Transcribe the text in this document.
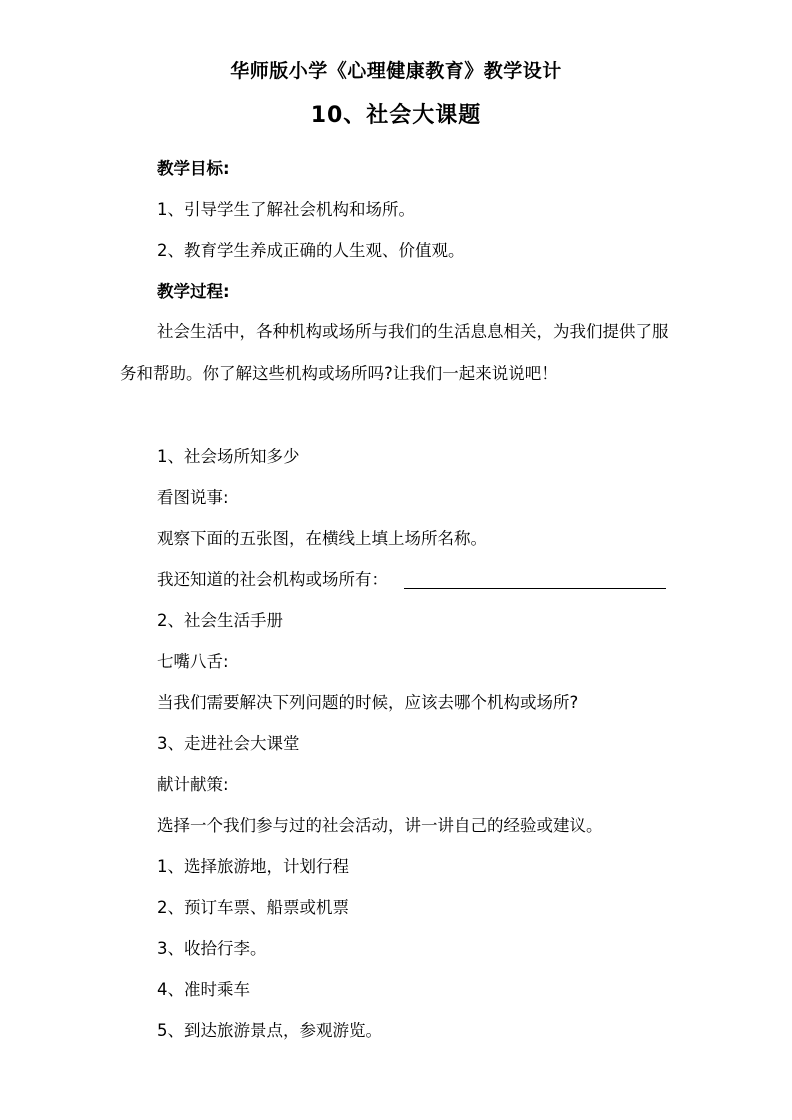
华师版小学《心理健康教育》教学设计
10、社会大课题
教学目标:
1、引导学生了解社会机构和场所。
2、教育学生养成正确的人生观、价值观。
教学过程:
社会生活中，各种机构或场所与我们的生活息息相关，为我们提供了服务和帮助。你了解这些机构或场所吗?让我们一起来说说吧！
1、社会场所知多少
看图说事:
观察下面的五张图，在横线上填上场所名称。
我还知道的社会机构或场所有：
2、社会生活手册
七嘴八舌:
当我们需要解决下列问题的时候，应该去哪个机构或场所?
3、走进社会大课堂
献计献策:
选择一个我们参与过的社会活动，讲一讲自己的经验或建议。
1、选择旅游地，计划行程
2、预订车票、船票或机票
3、收拾行李。
4、准时乘车
5、到达旅游景点，参观游览。
